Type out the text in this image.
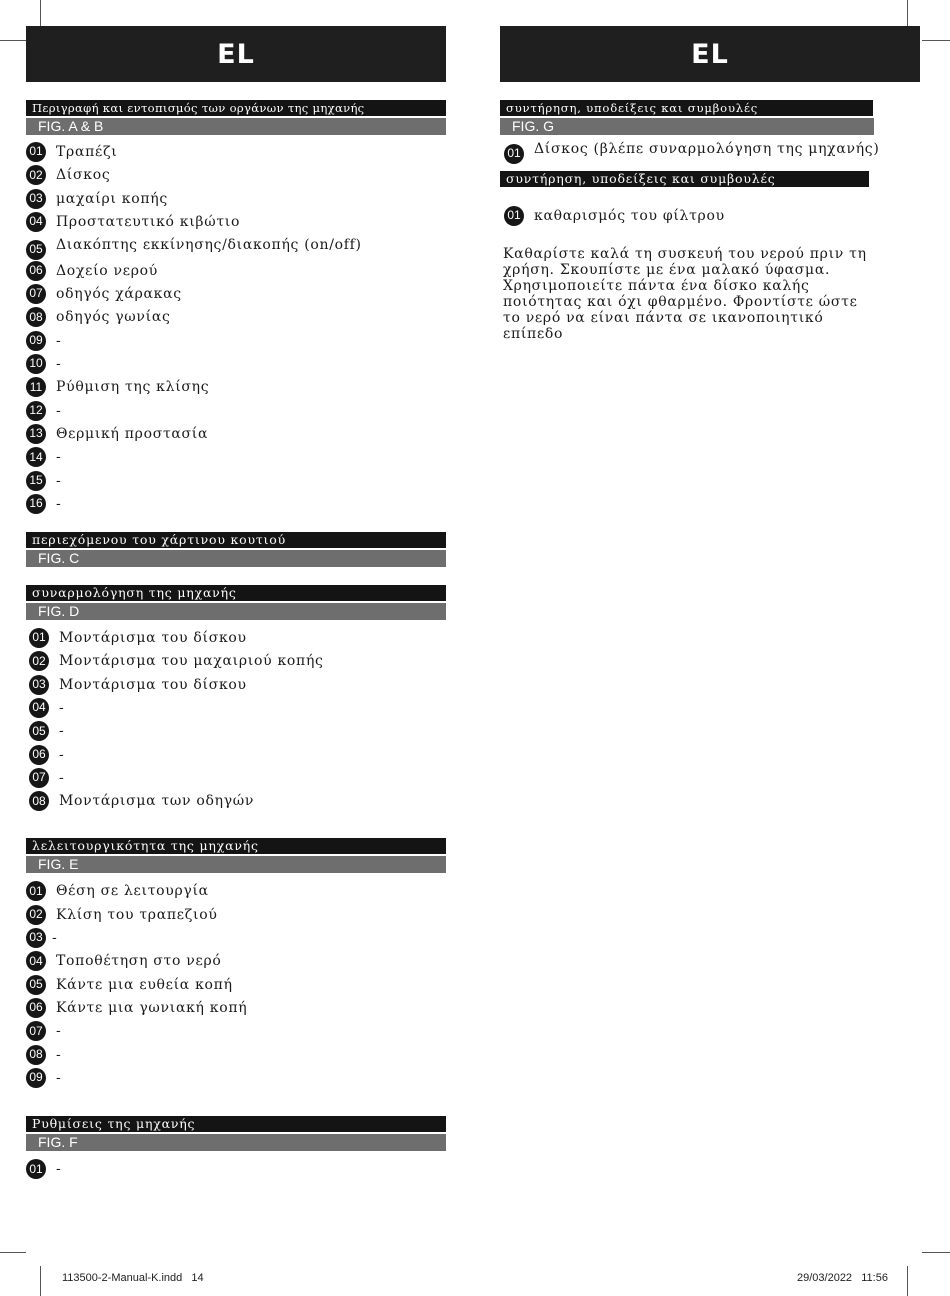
EL
Περιγραφή και εντοπισμός των οργάνων της μηχανής
FIG. A & B
01 Τραπέζι
02 Δίσκος
03 μαχαίρι κοπής
04 Προστατευτικό κιβώτιο
05 Διακόπτης εκκίνησης/διακοπής (on/off)
06 Δοχείο νερού
07 οδηγός χάρακας
08 οδηγός γωνίας
09 -
10 -
11 Ρύθμιση της κλίσης
12 -
13 Θερμική προστασία
14 -
15 -
16 -
περιεχόμενου του χάρτινου κουτιού
FIG. C
συναρμολόγηση της μηχανής
FIG. D
01 Μοντάρισμα του δίσκου
02 Μοντάρισμα του μαχαιριού κοπής
03 Μοντάρισμα του δίσκου
04 -
05 -
06 -
07 -
08 Μοντάρισμα των οδηγών
λελειτουργικότητα της μηχανής
FIG. E
01 Θέση σε λειτουργία
02 Κλίση του τραπεζιού
03 -
04 Τοποθέτηση στο νερό
05 Κάντε μια ευθεία κοπή
06 Κάντε μια γωνιακή κοπή
07 -
08 -
09 -
Ρυθμίσεις της μηχανής
FIG. F
01 -
EL
συντήρηση, υποδείξεις και συμβουλές
FIG. G
01 Δίσκος (βλέπε συναρμολόγηση της μηχανής)
συντήρηση, υποδείξεις και συμβουλές
01 καθαρισμός του φίλτρου

Καθαρίστε καλά τη συσκευή του νερού πριν τη χρήση. Σκουπίστε με ένα μαλακό ύφασμα. Χρησιμοποιείτε πάντα ένα δίσκο καλής ποιότητας και όχι φθαρμένο. Φροντίστε ώστε το νερό να είναι πάντα σε ικανοποιητικό επίπεδο

113500-2-Manual-K.indd   14	29/03/2022   11:56
